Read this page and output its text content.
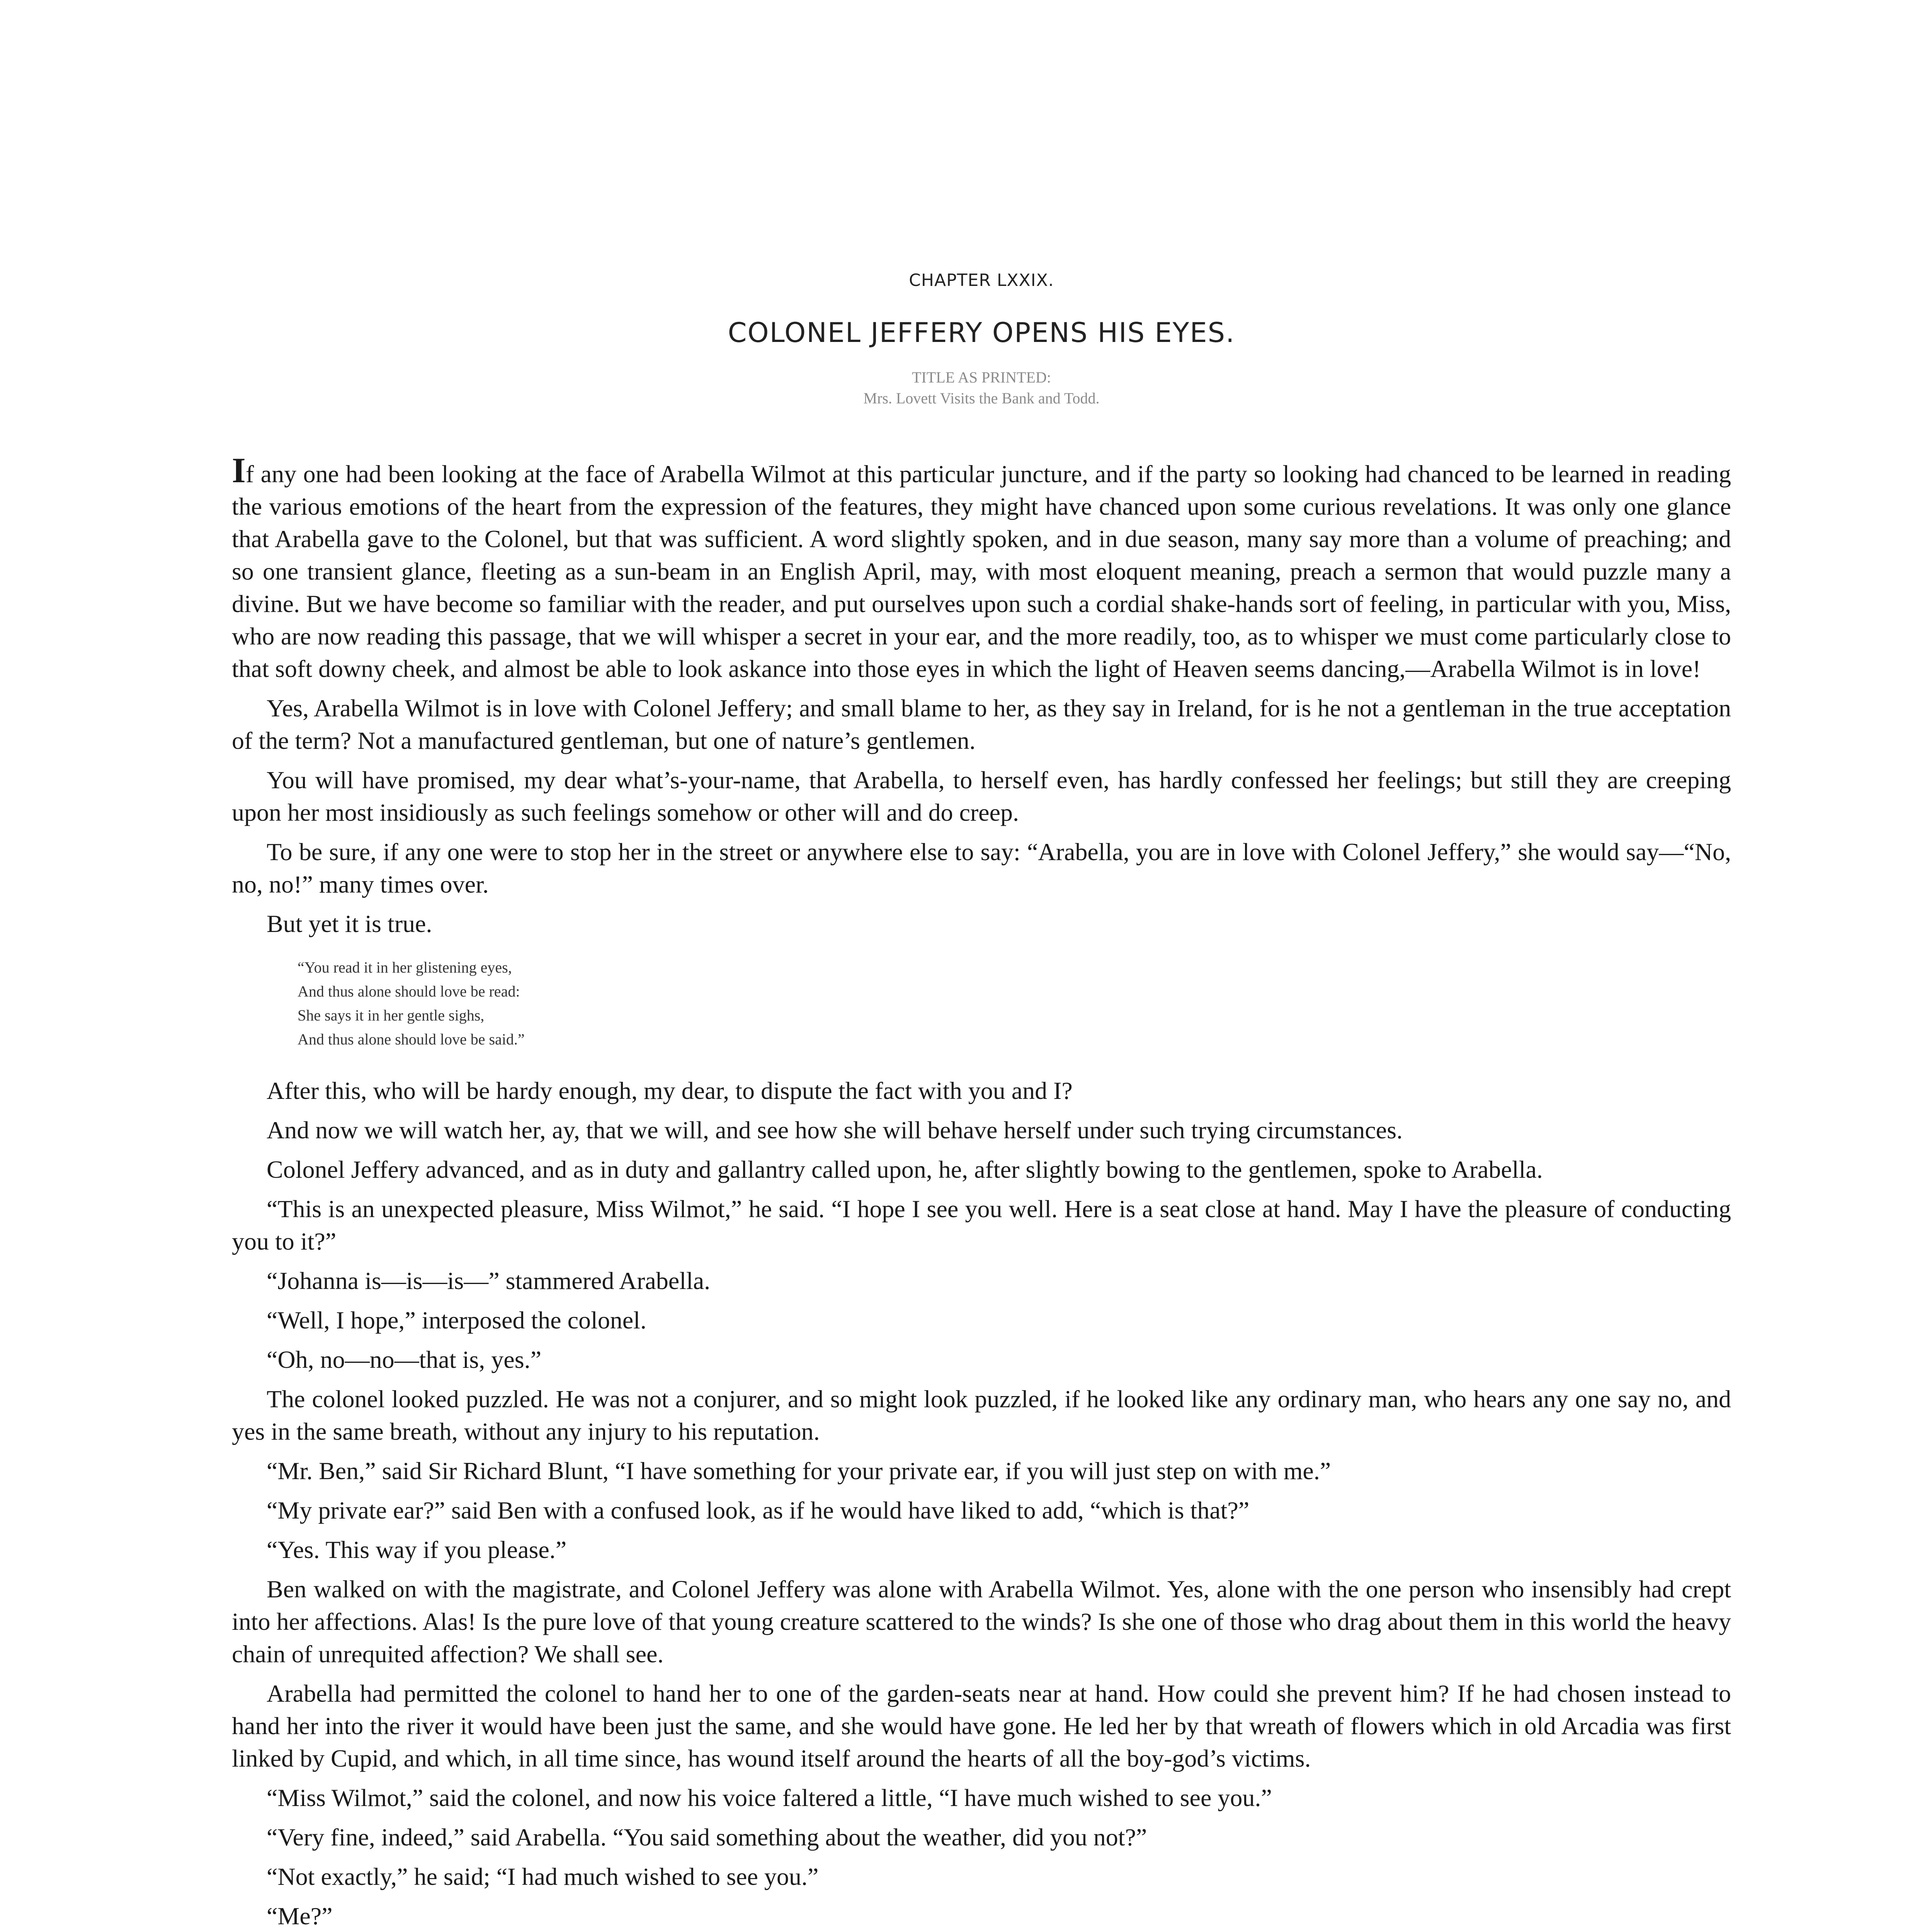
CHAPTER LXXIX.
COLONEL JEFFERY OPENS HIS EYES.
TITLE AS PRINTED:
Mrs. Lovett Visits the Bank and Todd.

If any one had been looking at the face of Arabella Wilmot at this particular juncture, and if the party so looking had chanced to be learned in reading the various emotions of the heart from the expression of the features, they might have chanced upon some curious revelations. It was only one glance that Arabella gave to the Colonel, but that was sufficient. A word slightly spoken, and in due season, many say more than a volume of preaching; and so one transient glance, fleeting as a sun-beam in an English April, may, with most eloquent meaning, preach a sermon that would puzzle many a divine. But we have become so familiar with the reader, and put ourselves upon such a cordial shake-hands sort of feeling, in particular with you, Miss, who are now reading this passage, that we will whisper a secret in your ear, and the more readily, too, as to whisper we must come particularly close to that soft downy cheek, and almost be able to look askance into those eyes in which the light of Heaven seems dancing,—Arabella Wilmot is in love!

Yes, Arabella Wilmot is in love with Colonel Jeffery; and small blame to her, as they say in Ireland, for is he not a gentleman in the true acceptation of the term? Not a manufactured gentleman, but one of nature’s gentlemen.

You will have promised, my dear what’s-your-name, that Arabella, to herself even, has hardly confessed her feelings; but still they are creeping upon her most insidiously as such feelings somehow or other will and do creep.

To be sure, if any one were to stop her in the street or anywhere else to say: “Arabella, you are in love with Colonel Jeffery,” she would say—“No, no, no!” many times over.

But yet it is true.

“You read it in her glistening eyes,
And thus alone should love be read:
She says it in her gentle sighs,
And thus alone should love be said.”

After this, who will be hardy enough, my dear, to dispute the fact with you and I?

And now we will watch her, ay, that we will, and see how she will behave herself under such trying circumstances.

Colonel Jeffery advanced, and as in duty and gallantry called upon, he, after slightly bowing to the gentlemen, spoke to Arabella.

“This is an unexpected pleasure, Miss Wilmot,” he said. “I hope I see you well. Here is a seat close at hand. May I have the pleasure of conducting you to it?”

“Johanna is—is—is—” stammered Arabella.

“Well, I hope,” interposed the colonel.

“Oh, no—no—that is, yes.”

The colonel looked puzzled. He was not a conjurer, and so might look puzzled, if he looked like any ordinary man, who hears any one say no, and yes in the same breath, without any injury to his reputation.

“Mr. Ben,” said Sir Richard Blunt, “I have something for your private ear, if you will just step on with me.”

“My private ear?” said Ben with a confused look, as if he would have liked to add, “which is that?”

“Yes. This way if you please.”

Ben walked on with the magistrate, and Colonel Jeffery was alone with Arabella Wilmot. Yes, alone with the one person who insensibly had crept into her affections. Alas! Is the pure love of that young creature scattered to the winds? Is she one of those who drag about them in this world the heavy chain of unrequited affection? We shall see.

Arabella had permitted the colonel to hand her to one of the garden-seats near at hand. How could she prevent him? If he had chosen instead to hand her into the river it would have been just the same, and she would have gone. He led her by that wreath of flowers which in old Arcadia was first linked by Cupid, and which, in all time since, has wound itself around the hearts of all the boy-god’s victims.

“Miss Wilmot,” said the colonel, and now his voice faltered a little, “I have much wished to see you.”

“Very fine, indeed,” said Arabella. “You said something about the weather, did you not?”

“Not exactly,” he said; “I had much wished to see you.”

“Me?”
